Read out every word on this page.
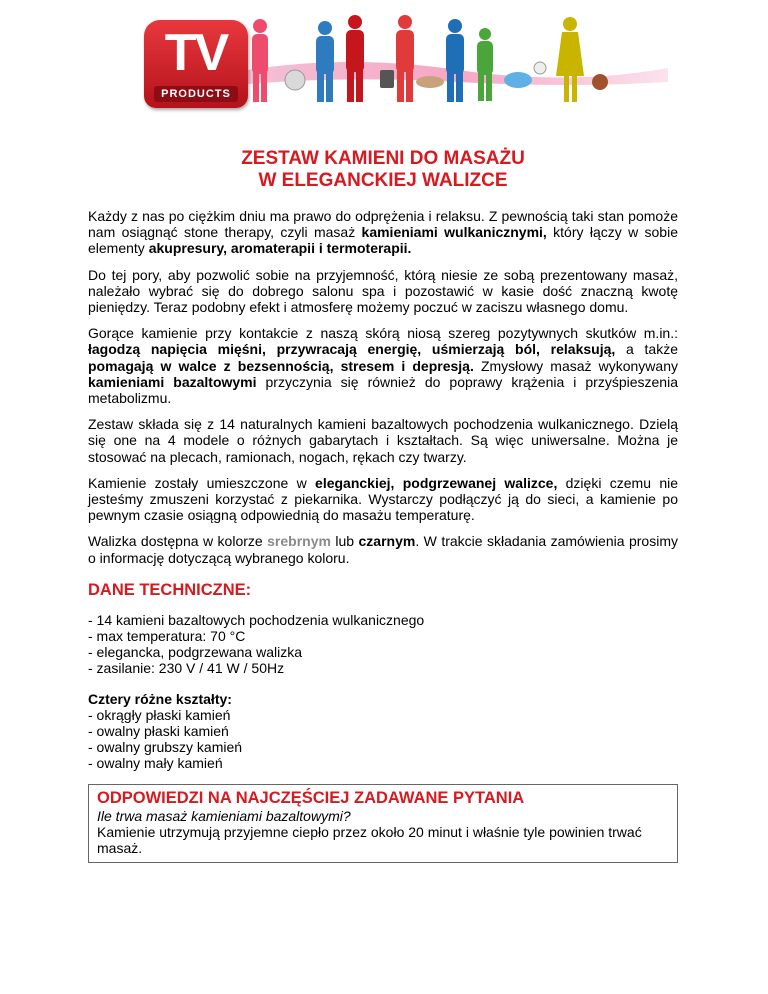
TV
PRODUCTS
ZESTAW KAMIENI DO MASAŻU
W ELEGANCKIEJ WALIZCE

Każdy z nas po ciężkim dniu ma prawo do odprężenia i relaksu. Z pewnością taki stan pomoże nam osiągnąć stone therapy, czyli masaż kamieniami wulkanicznymi, który łączy w sobie elementy akupresury, aromaterapii i termoterapii.

Do tej pory, aby pozwolić sobie na przyjemność, którą niesie ze sobą prezentowany masaż, należało wybrać się do dobrego salonu spa i pozostawić w kasie dość znaczną kwotę pieniędzy. Teraz podobny efekt i atmosferę możemy poczuć w zaciszu własnego domu.

Gorące kamienie przy kontakcie z naszą skórą niosą szereg pozytywnych skutków m.in.: łagodzą napięcia mięśni, przywracają energię, uśmierzają ból, relaksują, a także pomagają w walce z bezsennością, stresem i depresją. Zmysłowy masaż wykonywany kamieniami bazaltowymi przyczynia się również do poprawy krążenia i przyśpieszenia metabolizmu.

Zestaw składa się z 14 naturalnych kamieni bazaltowych pochodzenia wulkanicznego. Dzielą się one na 4 modele o różnych gabarytach i kształtach. Są więc uniwersalne. Można je stosować na plecach, ramionach, nogach, rękach czy twarzy.

Kamienie zostały umieszczone w eleganckiej, podgrzewanej walizce, dzięki czemu nie jesteśmy zmuszeni korzystać z piekarnika. Wystarczy podłączyć ją do sieci, a kamienie po pewnym czasie osiągną odpowiednią do masażu temperaturę.

Walizka dostępna w kolorze srebrnym lub czarnym. W trakcie składania zamówienia prosimy o informację dotyczącą wybranego koloru.

DANE TECHNICZNE:
- 14 kamieni bazaltowych pochodzenia wulkanicznego
- max temperatura: 70 °C
- elegancka, podgrzewana walizka
- zasilanie: 230 V / 41 W / 50Hz
Cztery różne kształty:
- okrągły płaski kamień
- owalny płaski kamień
- owalny grubszy kamień
- owalny mały kamień
ODPOWIEDZI NA NAJCZĘŚCIEJ ZADAWANE PYTANIA
Ile trwa masaż kamieniami bazaltowymi?
Kamienie utrzymują przyjemne ciepło przez około 20 minut i właśnie tyle powinien trwać masaż.
